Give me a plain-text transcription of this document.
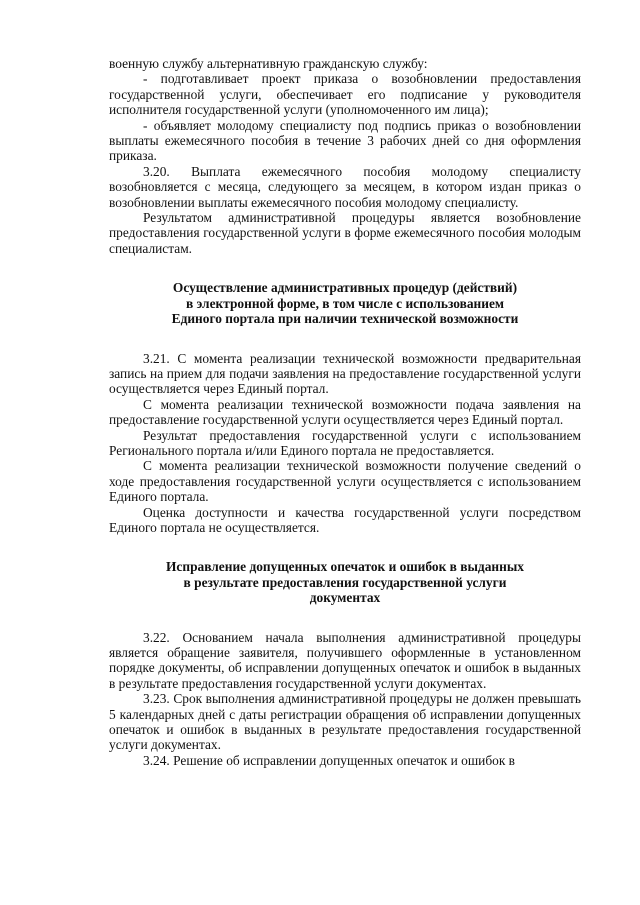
военную службу альтернативную гражданскую службу:

- подготавливает проект приказа о возобновлении предоставления государственной услуги, обеспечивает его подписание у руководителя исполнителя государственной услуги (уполномоченного им лица);

- объявляет молодому специалисту под подпись приказ о возобновлении выплаты ежемесячного пособия в течение 3 рабочих дней со дня оформления приказа.

3.20. Выплата ежемесячного пособия молодому специалисту возобновляется с месяца, следующего за месяцем, в котором издан приказ о возобновлении выплаты ежемесячного пособия молодому специалисту.

Результатом административной процедуры является возобновление предоставления государственной услуги в форме ежемесячного пособия молодым специалистам.

Осуществление административных процедур (действий)

в электронной форме, в том числе с использованием

Единого портала при наличии технической возможности

3.21. С момента реализации технической возможности предварительная запись на прием для подачи заявления на предоставление государственной услуги осуществляется через Единый портал.

С момента реализации технической возможности подача заявления на предоставление государственной услуги осуществляется через Единый портал.

Результат предоставления государственной услуги с использованием Регионального портала и/или Единого портала не предоставляется.

С момента реализации технической возможности получение сведений о ходе предоставления государственной услуги осуществляется с использованием Единого портала.

Оценка доступности и качества государственной услуги посредством Единого портала не осуществляется.

Исправление допущенных опечаток и ошибок в выданных

в результате предоставления государственной услуги

документах

3.22. Основанием начала выполнения административной процедуры является обращение заявителя, получившего оформленные в установленном порядке документы, об исправлении допущенных опечаток и ошибок в выданных в результате предоставления государственной услуги документах.

3.23. Срок выполнения административной процедуры не должен превышать 5 календарных дней с даты регистрации обращения об исправлении допущенных опечаток и ошибок в выданных в результате предоставления государственной услуги документах.

3.24. Решение об исправлении допущенных опечаток и ошибок в
